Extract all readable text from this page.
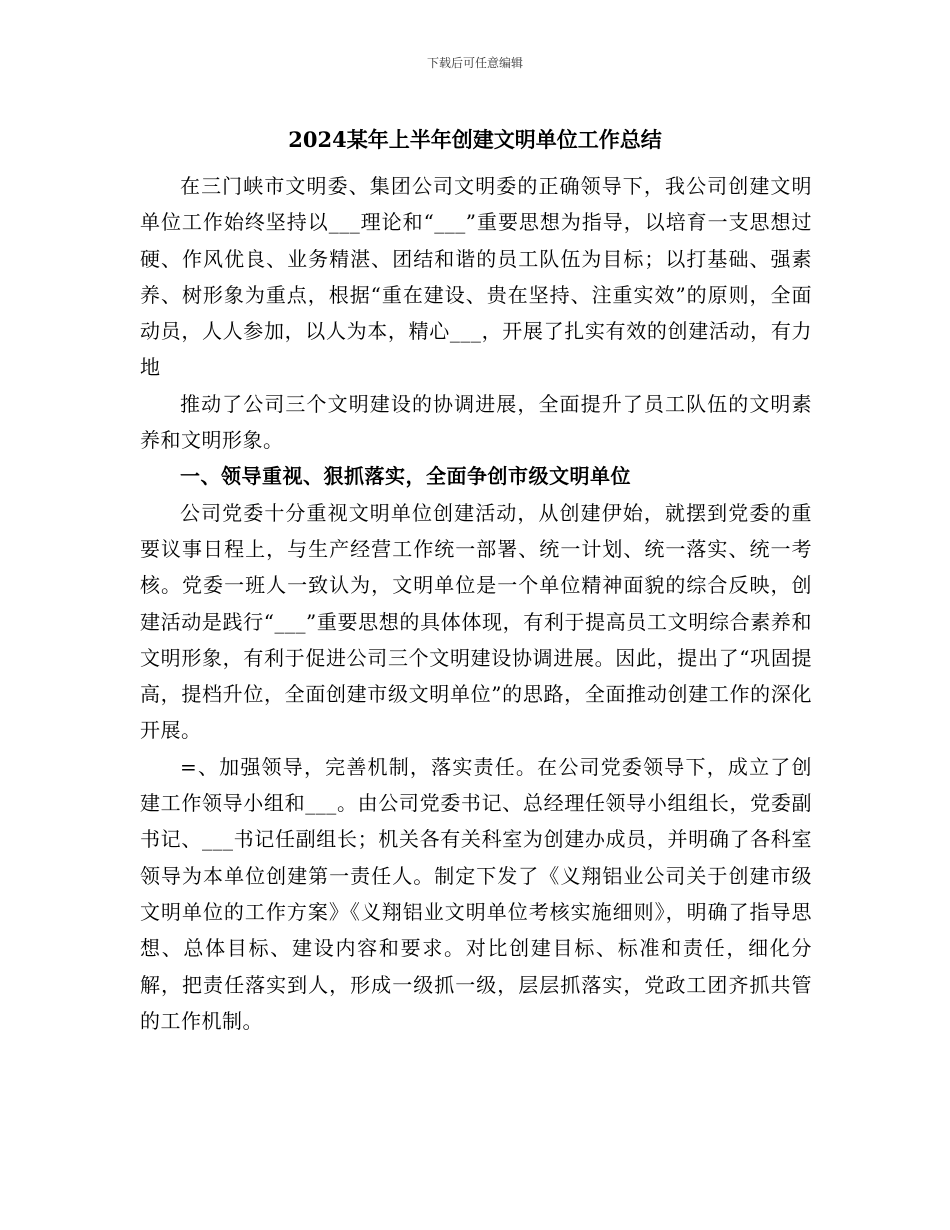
下载后可任意编辑
2024某年上半年创建文明单位工作总结

在三门峡市文明委、集团公司文明委的正确领导下，我公司创建文明单位工作始终坚持以___理论和“___”重要思想为指导，以培育一支思想过硬、作风优良、业务精湛、团结和谐的员工队伍为目标；以打基础、强素养、树形象为重点，根据“重在建设、贵在坚持、注重实效”的原则，全面动员，人人参加，以人为本，精心___，开展了扎实有效的创建活动，有力地

推动了公司三个文明建设的协调进展，全面提升了员工队伍的文明素养和文明形象。

一、领导重视、狠抓落实，全面争创市级文明单位

公司党委十分重视文明单位创建活动，从创建伊始，就摆到党委的重要议事日程上，与生产经营工作统一部署、统一计划、统一落实、统一考核。党委一班人一致认为，文明单位是一个单位精神面貌的综合反映，创建活动是践行“___”重要思想的具体体现，有利于提高员工文明综合素养和文明形象，有利于促进公司三个文明建设协调进展。因此，提出了“巩固提高，提档升位，全面创建市级文明单位”的思路，全面推动创建工作的深化开展。

=、加强领导，完善机制，落实责任。在公司党委领导下，成立了创建工作领导小组和___。由公司党委书记、总经理任领导小组组长，党委副书记、___书记任副组长；机关各有关科室为创建办成员，并明确了各科室领导为本单位创建第一责任人。制定下发了《义翔铝业公司关于创建市级文明单位的工作方案》《义翔铝业文明单位考核实施细则》，明确了指导思想、总体目标、建设内容和要求。对比创建目标、标准和责任，细化分解，把责任落实到人，形成一级抓一级，层层抓落实，党政工团齐抓共管的工作机制。
